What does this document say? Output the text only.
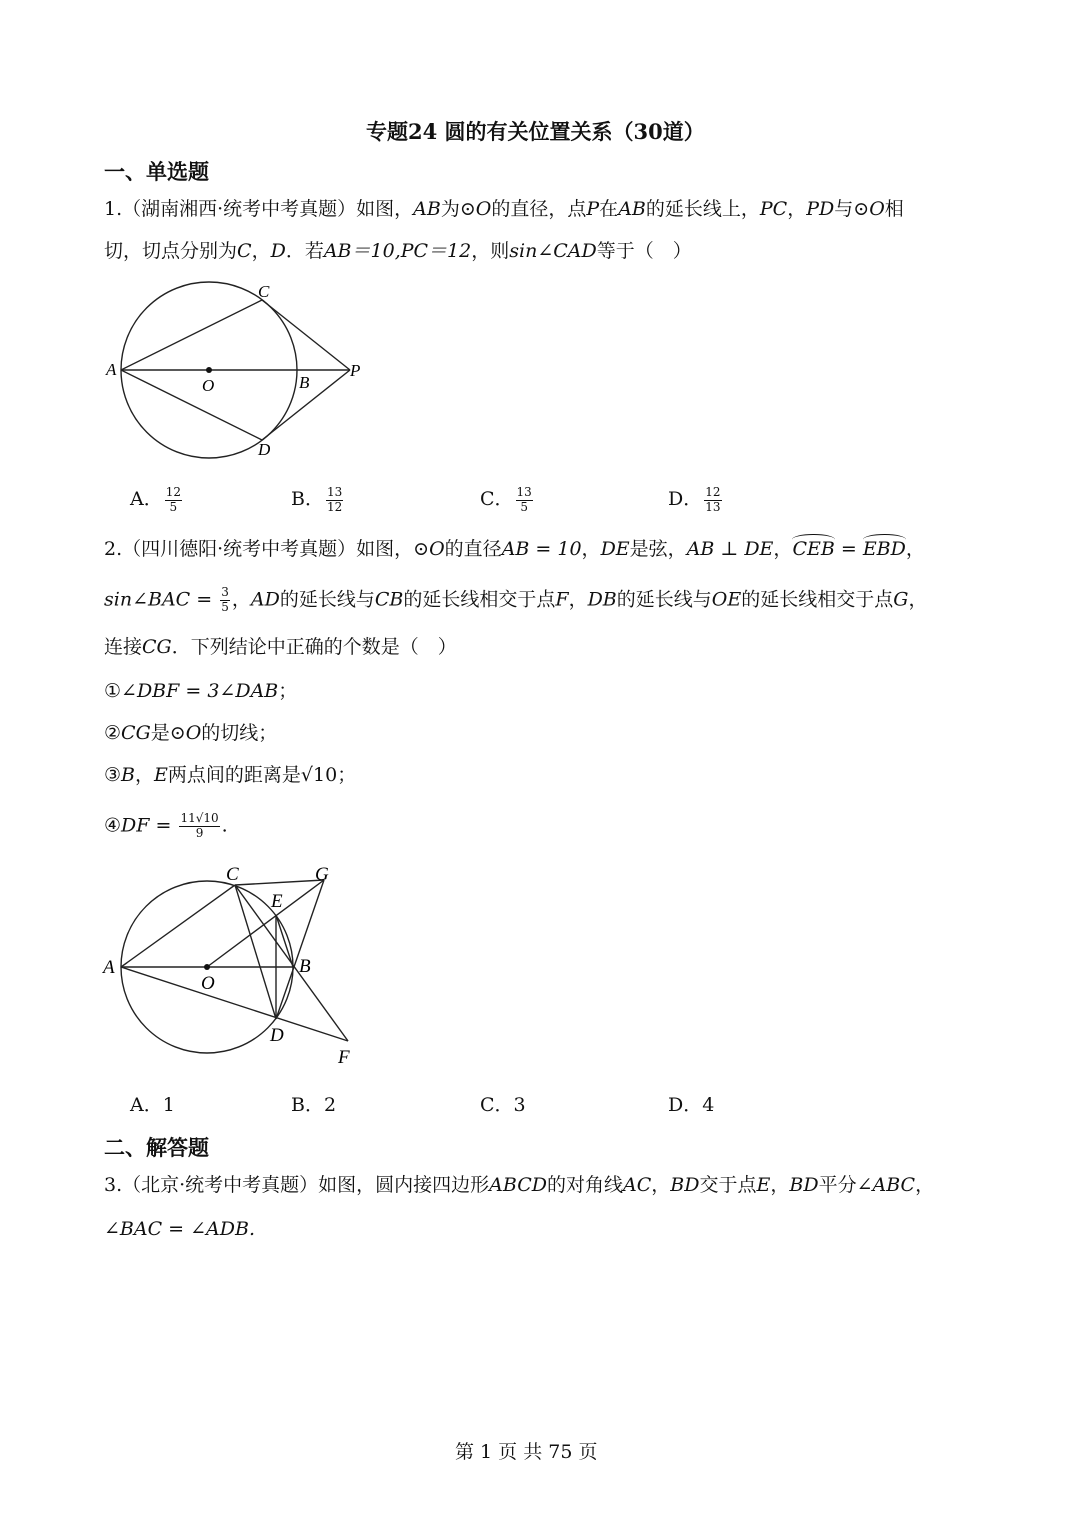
专题24 圆的有关位置关系（30道）
一、单选题
1.（湖南湘西·统考中考真题）如图，AB为⊙O的直径，点P在AB的延长线上，PC，PD与⊙O相
切，切点分别为C，D．若AB＝10,PC＝12，则sin∠CAD等于（　）
A
O	B
C
D
P
A． $\frac{12}{5}$	B． $\frac{13}{12}$	C． $\frac{13}{5}$	D． $\frac{12}{13}$
2.（四川德阳·统考中考真题）如图，⊙O的直径AB = 10，DE是弦，AB ⊥ DE，CEB = EBD，
sin∠BAC = $\frac{3}{5}$ ，AD的延长线与CB的延长线相交于点F，DB的延长线与OE的延长线相交于点G，
连接CG．下列结论中正确的个数是（　）
①∠DBF = 3∠DAB；
②CG是⊙O的切线；
③B，E两点间的距离是√10；
④DF = $\frac{11√10}{9}$ .
A
O
B
C
E
G
D
F
A．1	B．2	C．3	D．4
二、解答题
3.（北京·统考中考真题）如图，圆内接四边形ABCD的对角线AC，BD交于点E，BD平分∠ABC，
∠BAC = ∠ADB.
第 1 页 共 75 页
